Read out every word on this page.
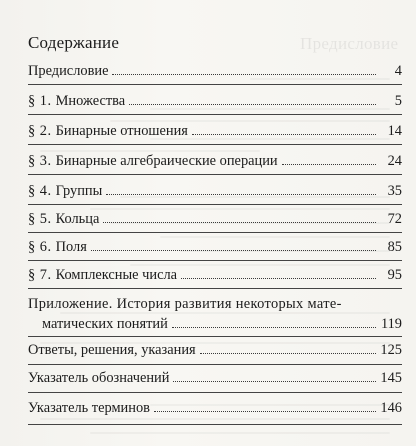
Предисловие
Содержание
Предисловие	4
§ 1. Множества	5
§ 2. Бинарные отношения	14
§ 3. Бинарные алгебраические операции	24
§ 4. Группы	35
§ 5. Кольца	72
§ 6. Поля	85
§ 7. Комплексные числа	95
Приложение. История развития некоторых мате-
матических понятий	119
Ответы, решения, указания	125
Указатель обозначений	145
Указатель терминов	146
